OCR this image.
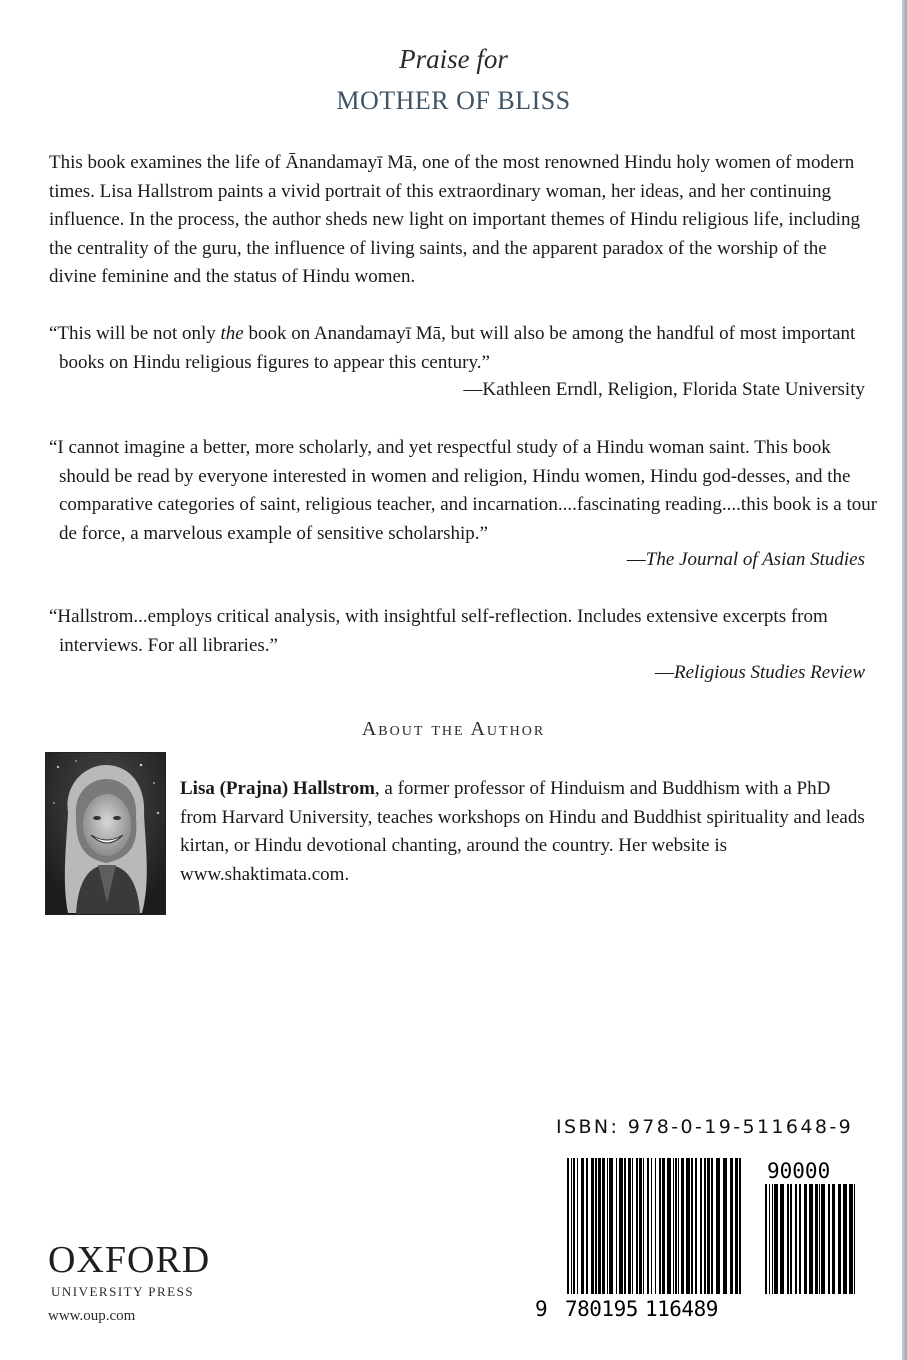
Praise for
MOTHER OF BLISS

This book examines the life of Ānandamayī Mā, one of the most renowned Hindu holy women of modern times. Lisa Hallstrom paints a vivid portrait of this extraordinary woman, her ideas, and her continuing influence. In the process, the author sheds new light on important themes of Hindu religious life, including the centrality of the guru, the influence of living saints, and the apparent paradox of the worship of the divine feminine and the status of Hindu women.

“This will be not only the book on Anandamayī Mā, but will also be among the handful of most important books on Hindu religious figures to appear this century.”

—Kathleen Erndl, Religion, Florida State University

“I cannot imagine a better, more scholarly, and yet respectful study of a Hindu woman saint. This book should be read by everyone interested in women and religion, Hindu women, Hindu god-desses, and the comparative categories of saint, religious teacher, and incarnation....fascinating reading....this book is a tour de force, a marvelous example of sensitive scholarship.”

—The Journal of Asian Studies

“Hallstrom...employs critical analysis, with insightful self-reflection. Includes extensive excerpts from interviews. For all libraries.”

—Religious Studies Review

About the Author

Lisa (Prajna) Hallstrom, a former professor of Hinduism and Buddhism with a PhD from Harvard University, teaches workshops on Hindu and Buddhist spirituality and leads kirtan, or Hindu devotional chanting, around the country. Her website is www.shaktimata.com.

ISBN: 978-0-19-511648-9
9 780195 116489
90000
OXFORD
UNIVERSITY PRESS
www.oup.com
